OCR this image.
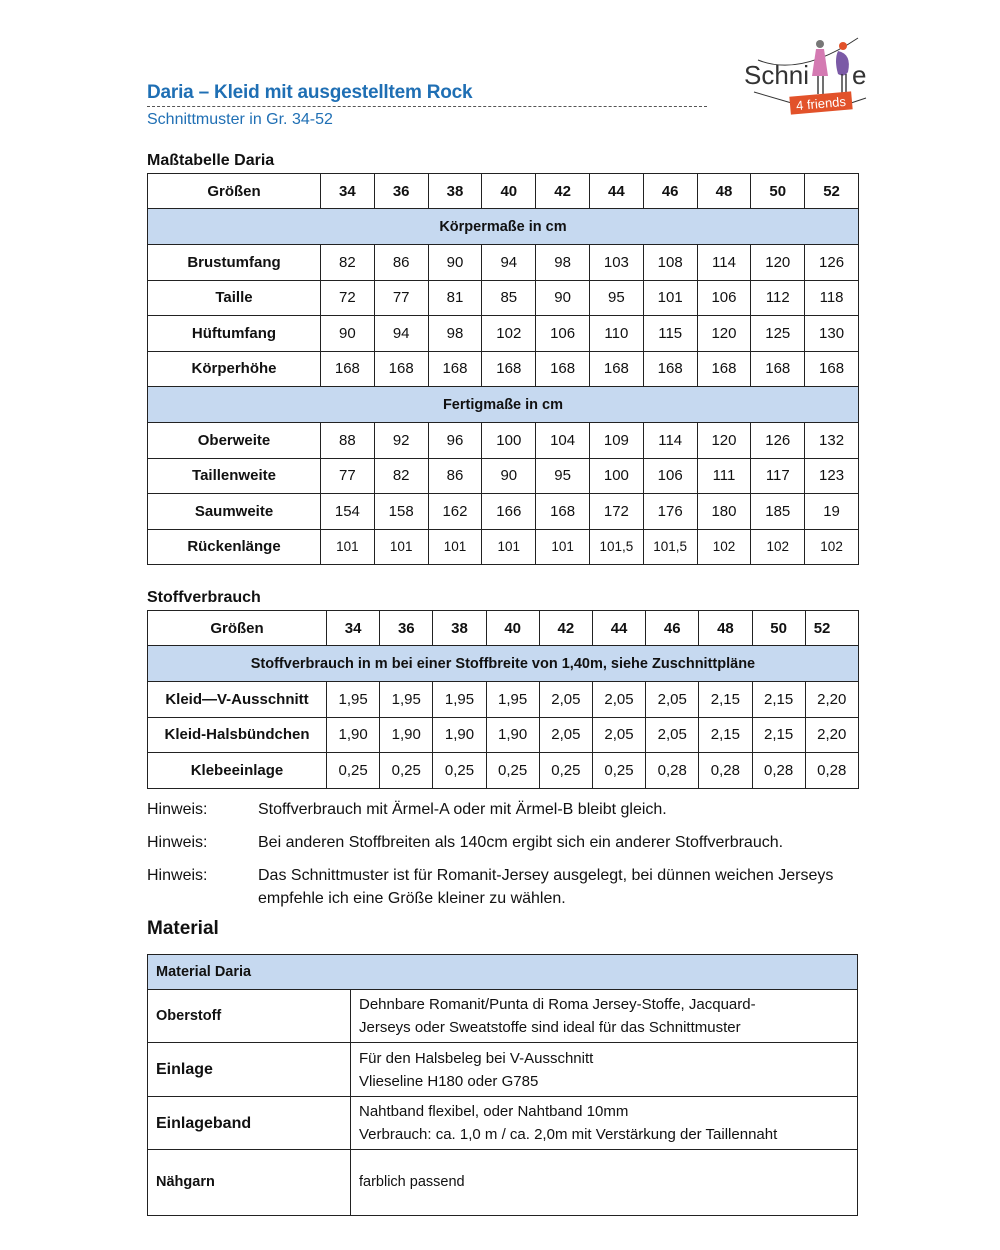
Daria – Kleid mit ausgestelltem Rock
Schnittmuster in Gr. 34-52
Schni e
4 friends
Maßtabelle Daria
Größen	34	36	38	40	42	44	46	48	50	52
Körpermaße in cm										
Brustumfang	82	86	90	94	98	103	108	114	120	126
Taille	72	77	81	85	90	95	101	106	112	118
Hüftumfang	90	94	98	102	106	110	115	120	125	130
Körperhöhe	168	168	168	168	168	168	168	168	168	168
Fertigmaße in cm										
Oberweite	88	92	96	100	104	109	114	120	126	132
Taillenweite	77	82	86	90	95	100	106	111	117	123
Saumweite	154	158	162	166	168	172	176	180	185	19
Rückenlänge	101	101	101	101	101	101,5	101,5	102	102	102
Stoffverbrauch
Größen	34	36	38	40	42	44	46	48	50	52
Stoffverbrauch in m bei einer Stoffbreite von 1,40m, siehe Zuschnittpläne										
Kleid—V-Ausschnitt	1,95	1,95	1,95	1,95	2,05	2,05	2,05	2,15	2,15	2,20
Kleid-Halsbündchen	1,90	1,90	1,90	1,90	2,05	2,05	2,05	2,15	2,15	2,20
Klebeeinlage	0,25	0,25	0,25	0,25	0,25	0,25	0,28	0,28	0,28	0,28
Hinweis:	Stoffverbrauch mit Ärmel-A oder mit Ärmel-B bleibt gleich.
Hinweis:	Bei anderen Stoffbreiten als 140cm ergibt sich ein anderer Stoffverbrauch.
Hinweis:	Das Schnittmuster ist für Romanit-Jersey ausgelegt, bei dünnen weichen Jerseys empfehle ich eine Größe kleiner zu wählen.
Material
Material Daria	
Oberstoff	Dehnbare Romanit/Punta di Roma Jersey-Stoffe, Jacquard-
Jerseys oder Sweatstoffe sind ideal für das Schnittmuster

Einlage	Für den Halsbeleg bei V-Ausschnitt
Vlieseline H180 oder G785

Einlageband	Nahtband flexibel, oder Nahtband 10mm
Verbrauch: ca. 1,0 m / ca. 2,0m mit Verstärkung der Taillennaht

Nähgarn	farblich passend
